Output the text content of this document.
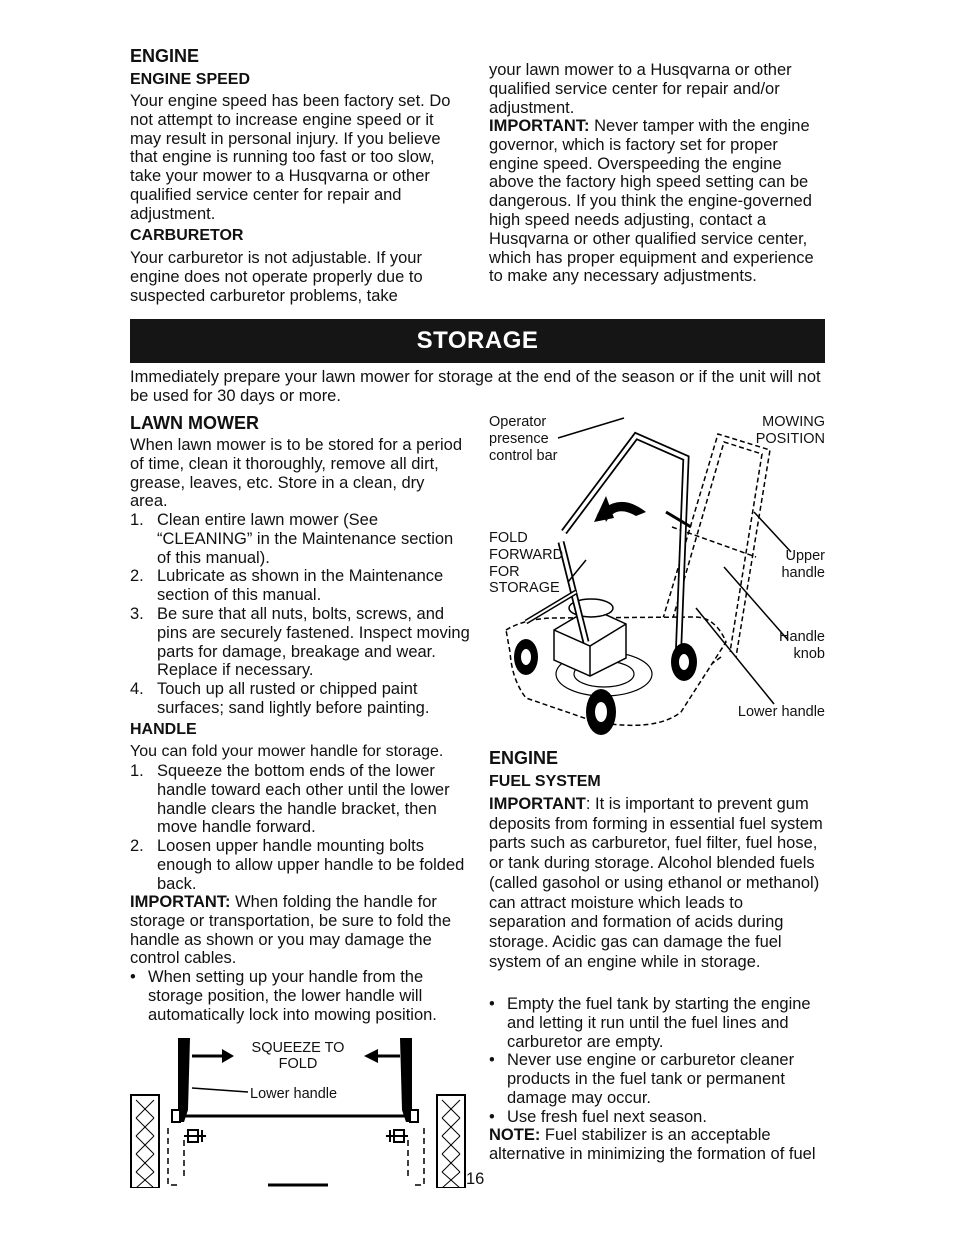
ENGINE
ENGINE SPEED

Your engine speed has been factory set. Do not attempt to increase engine speed or it may result in personal injury. If you believe that engine is running too fast or too slow, take your mower to a Husqvarna or other qualified service center for repair and adjustment.

CARBURETOR

Your carburetor is not adjustable. If your engine does not operate properly due to suspected carburetor problems, take

your lawn mower to a Husqvarna or other qualified service center for repair and/or adjustment.

IMPORTANT: Never tamper with the engine governor, which is factory set for proper engine speed. Overspeeding the engine above the factory high speed setting can be dangerous. If you think the engine-governed high speed needs adjusting, contact a Husqvarna or other qualified service center, which has proper equipment and experience to make any necessary adjustments.

STORAGE

Immediately prepare your lawn mower for storage at the end of the season or if the unit will not be used for 30 days or more.

LAWN MOWER

When lawn mower is to be stored for a period of time, clean it thoroughly, remove all dirt, grease, leaves, etc. Store in a clean, dry area.

1. Clean entire lawn mower (See “CLEANING” in the Maintenance section of this manual).
2. Lubricate as shown in the Maintenance section of this manual.
3. Be sure that all nuts, bolts, screws, and pins are securely fastened. Inspect moving parts for damage, breakage and wear. Replace if necessary.
4. Touch up all rusted or chipped paint surfaces; sand lightly before painting.
HANDLE

You can fold your mower handle for storage.

1. Squeeze the bottom ends of the lower handle toward each other until the lower handle clears the handle bracket, then move handle forward.
2. Loosen upper handle mounting bolts enough to allow upper handle to be folded back.

IMPORTANT: When folding the handle for storage or transportation, be sure to fold the handle as shown or you may damage the control cables.

• When setting up your handle from the storage position, the lower handle will automatically lock into mowing position.
SQUEEZE TO FOLD
Lower handle
Operator presence control bar
MOWING POSITION
FOLD FORWARD FOR STORAGE
Upper handle
Handle knob
Lower handle
ENGINE
FUEL SYSTEM

IMPORTANT: It is important to prevent gum deposits from forming in essential fuel system parts such as carburetor, fuel filter, fuel hose, or tank during storage. Alcohol blended fuels (called gasohol or using ethanol or methanol) can attract moisture which leads to separation and formation of acids during storage. Acidic gas can damage the fuel system of an engine while in storage.

• Empty the fuel tank by starting the engine and letting it run until the fuel lines and carburetor are empty.
• Never use engine or carburetor cleaner products in the fuel tank or permanent damage may occur.
• Use fresh fuel next season.

NOTE: Fuel stabilizer is an acceptable alternative in minimizing the formation of fuel

16
